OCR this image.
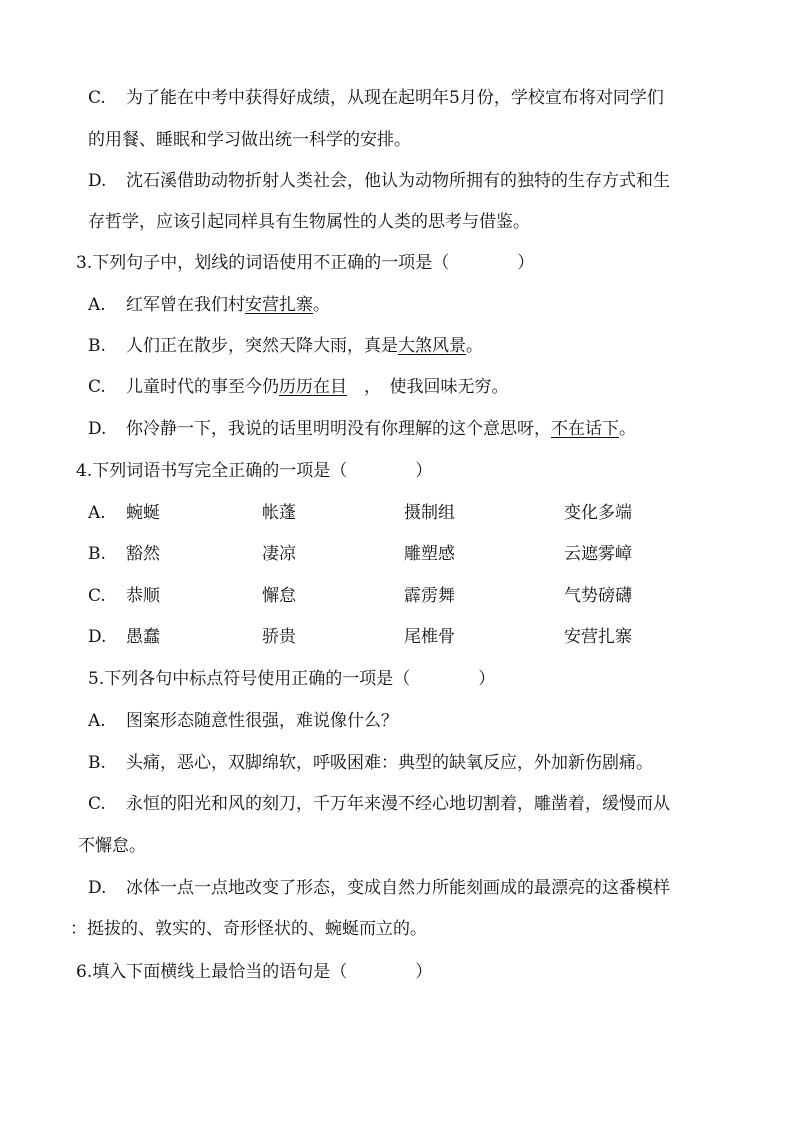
C. 为了能在中考中获得好成绩，从现在起明年5月份，学校宣布将对同学们
的用餐、睡眠和学习做出统一科学的安排。
D. 沈石溪借助动物折射人类社会，他认为动物所拥有的独特的生存方式和生
存哲学，应该引起同样具有生物属性的人类的思考与借鉴。
3.下列句子中，划线的词语使用不正确的一项是（　　　　）
A. 红军曾在我们村安营扎寨。
B. 人们正在散步，突然天降大雨，真是大煞风景。
C. 儿童时代的事至今仍历历在目　，　使我回味无穷。
D. 你冷静一下，我说的话里明明没有你理解的这个意思呀，不在话下。
4.下列词语书写完全正确的一项是（　　　　）
A. 蜿蜒	帐蓬	摄制组	变化多端
B. 豁然	凄凉	雕塑感	云遮雾嶂
C. 恭顺	懈怠	霹雳舞	气势磅礴
D. 愚蠢	骄贵	尾椎骨	安营扎寨
5.下列各句中标点符号使用正确的一项是（　　　　）
A. 图案形态随意性很强，难说像什么？
B. 头痛，恶心，双脚绵软，呼吸困难：典型的缺氧反应，外加新伤剧痛。
C. 永恒的阳光和风的刻刀，千万年来漫不经心地切割着，雕凿着，缓慢而从
不懈怠。
D. 冰体一点一点地改变了形态，变成自然力所能刻画成的最漂亮的这番模样
：挺拔的、敦实的、奇形怪状的、蜿蜒而立的。
6.填入下面横线上最恰当的语句是（　　　　）
